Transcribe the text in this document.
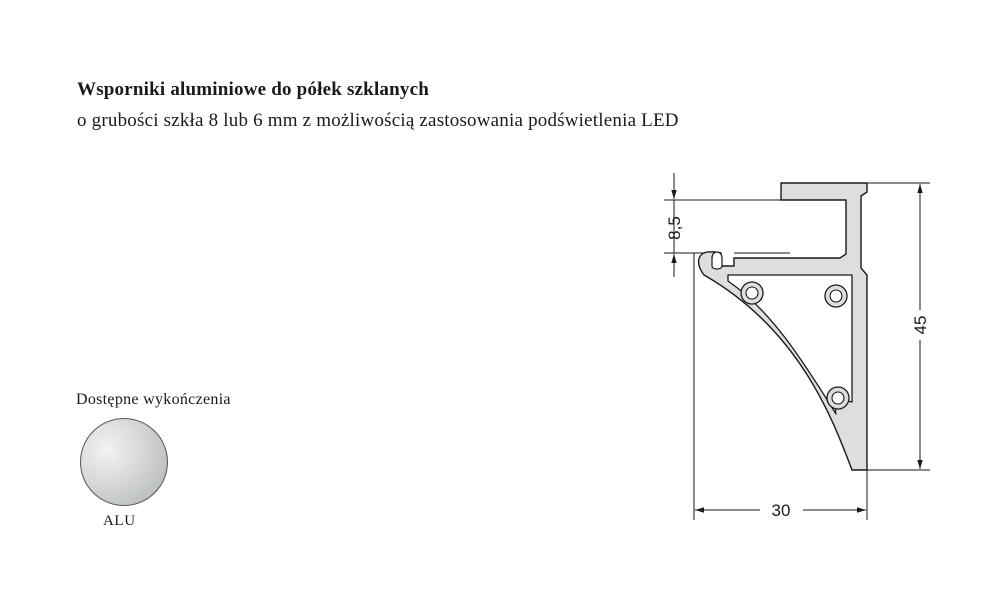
Wsporniki aluminiowe do półek szklanych
o grubości szkła 8 lub 6 mm z możliwością zastosowania podświetlenia LED
Dostępne wykończenia
ALU
8,5
45
30
